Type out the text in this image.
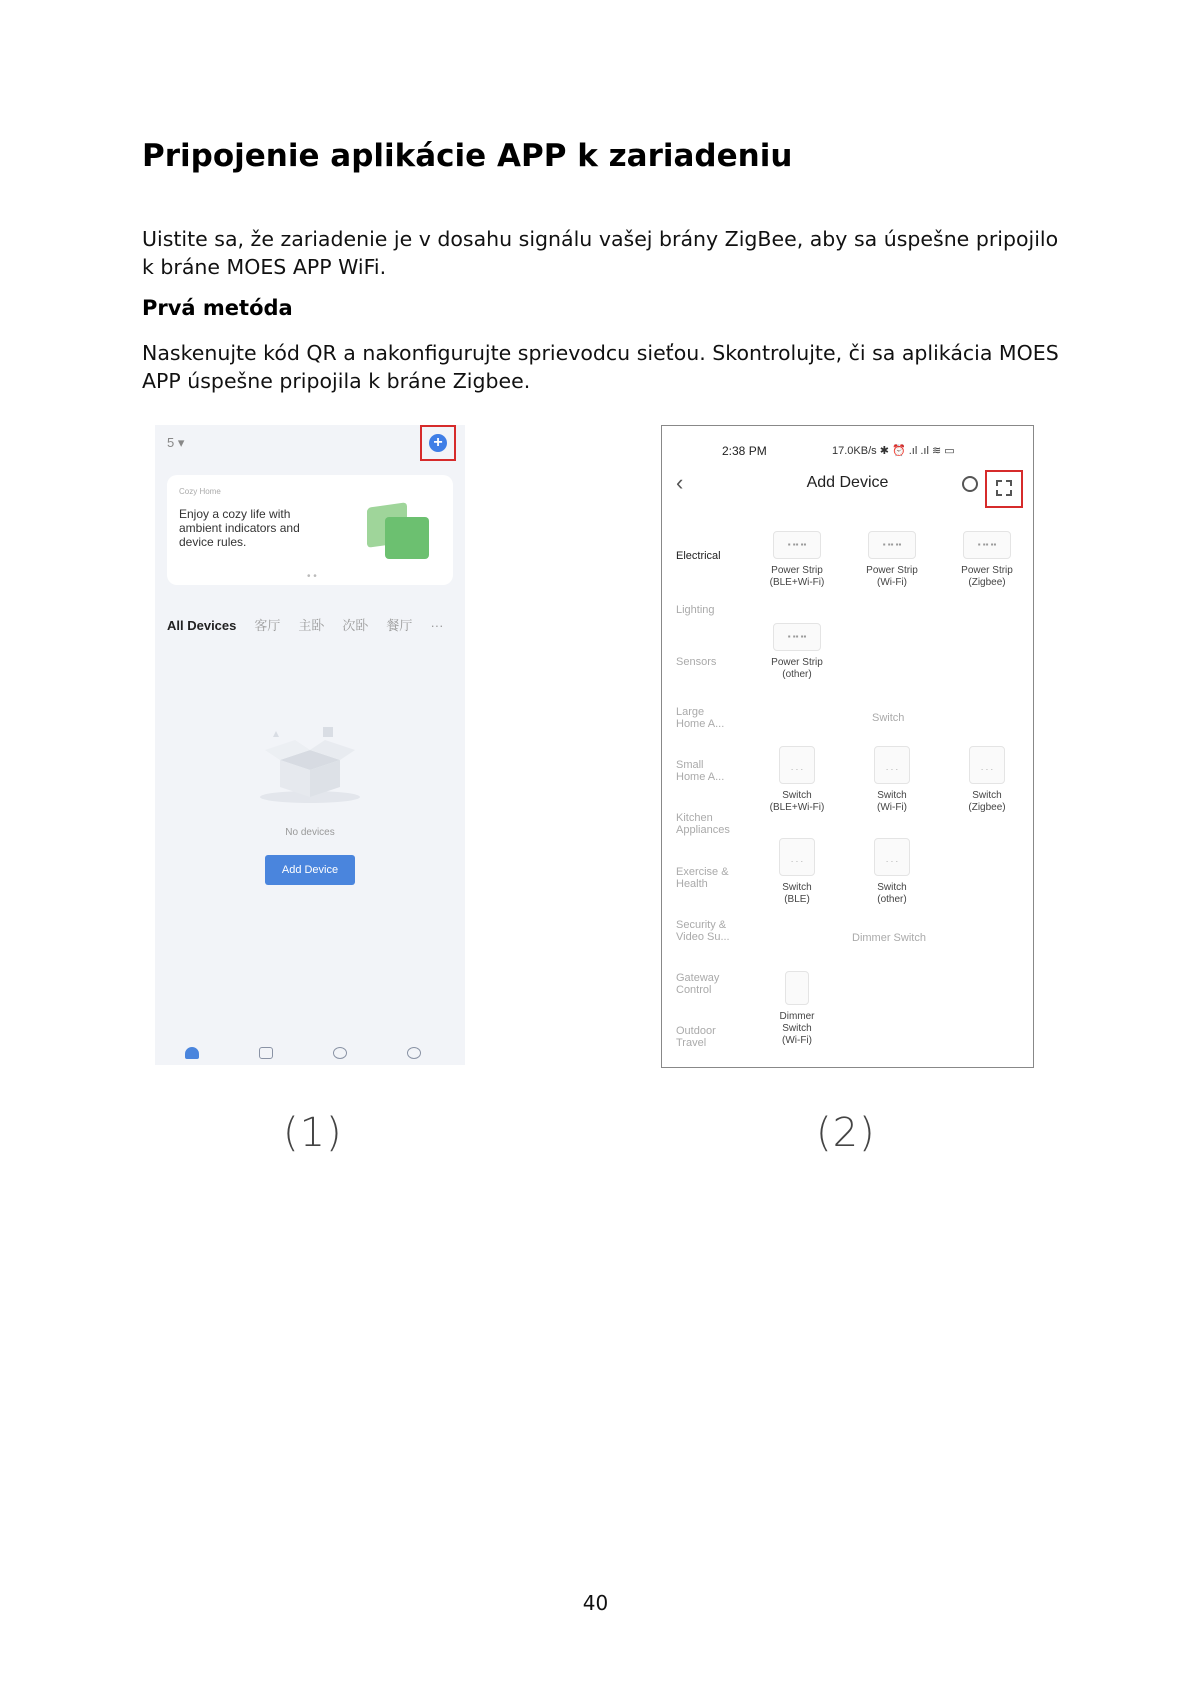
Pripojenie aplikácie APP k zariadeniu

Uistite sa, že zariadenie je v dosahu signálu vašej brány ZigBee, aby sa úspešne pripojilo k bráne MOES APP WiFi.

Prvá metóda

Naskenujte kód QR a nakonfigurujte sprievodcu sieťou. Skontrolujte, či sa aplikácia MOES APP úspešne pripojila k bráne Zigbee.

5 ▾	+
Cozy Home
Enjoy a cozy life with ambient indicators and device rules.
• •
All Devices 客厅 主卧 次卧 餐厅 ···
No devices
Add Device
(1)
2:38 PM	17.0KB/s ✱ ⏰ .ıl .ıl ≋ ▭
‹	Add Device
Electrical
Lighting
Sensors
Large Home A...
Small Home A...
Kitchen Appliances
Exercise & Health
Security & Video Su...
Gateway Control
Outdoor Travel
▪ ▪▪ ▪▪
Power Strip
(BLE+Wi-Fi)
▪ ▪▪ ▪▪
Power Strip
(Wi-Fi)
▪ ▪▪ ▪▪
Power Strip
(Zigbee)
▪ ▪▪ ▪▪
Power Strip
(other)
Switch
· · ·
Switch
(BLE+Wi-Fi)
· · ·
Switch
(Wi-Fi)
· · ·
Switch
(Zigbee)
· · ·
Switch
(BLE)
· · ·
Switch
(other)
Dimmer Switch
Dimmer
Switch
(Wi-Fi)
(2)
40
